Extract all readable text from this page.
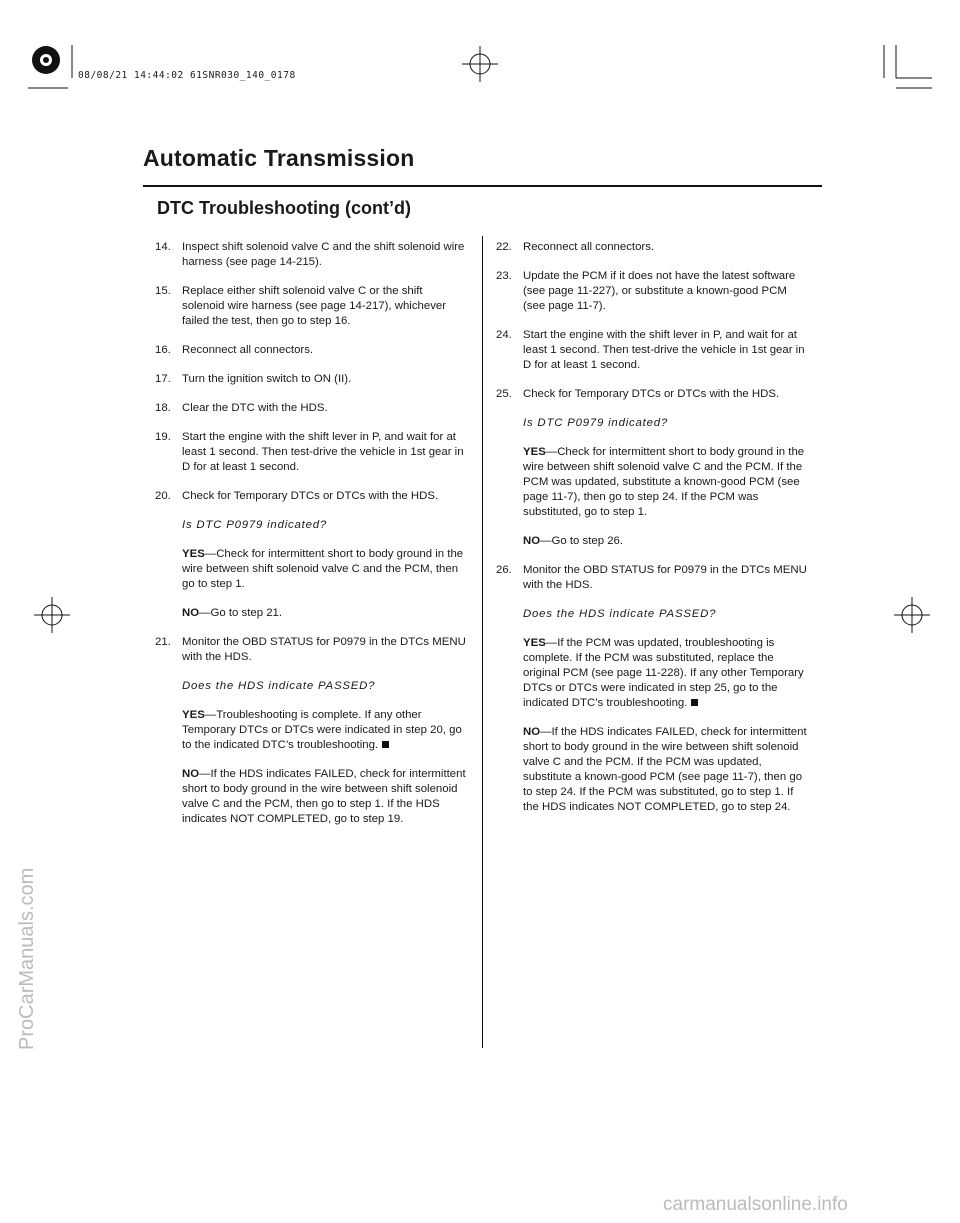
08/08/21 14:44:02 61SNR030_140_0178
Automatic Transmission
DTC Troubleshooting (cont’d)
14. Inspect shift solenoid valve C and the shift solenoid wire harness (see page 14-215).
15. Replace either shift solenoid valve C or the shift solenoid wire harness (see page 14-217), whichever failed the test, then go to step 16.
16. Reconnect all connectors.
17. Turn the ignition switch to ON (II).
18. Clear the DTC with the HDS.
19. Start the engine with the shift lever in P, and wait for at least 1 second. Then test-drive the vehicle in 1st gear in D for at least 1 second.
20. Check for Temporary DTCs or DTCs with the HDS.
Is DTC P0979 indicated?

YES—Check for intermittent short to body ground in the wire between shift solenoid valve C and the PCM, then go to step 1.

NO—Go to step 21.

21. Monitor the OBD STATUS for P0979 in the DTCs MENU with the HDS.
Does the HDS indicate PASSED?

YES—Troubleshooting is complete. If any other Temporary DTCs or DTCs were indicated in step 20, go to the indicated DTC’s troubleshooting.

NO—If the HDS indicates FAILED, check for intermittent short to body ground in the wire between shift solenoid valve C and the PCM, then go to step 1. If the HDS indicates NOT COMPLETED, go to step 19.

22. Reconnect all connectors.
23. Update the PCM if it does not have the latest software (see page 11-227), or substitute a known-good PCM (see page 11-7).
24. Start the engine with the shift lever in P, and wait for at least 1 second. Then test-drive the vehicle in 1st gear in D for at least 1 second.
25. Check for Temporary DTCs or DTCs with the HDS.
Is DTC P0979 indicated?

YES—Check for intermittent short to body ground in the wire between shift solenoid valve C and the PCM. If the PCM was updated, substitute a known-good PCM (see page 11-7), then go to step 24. If the PCM was substituted, go to step 1.

NO—Go to step 26.

26. Monitor the OBD STATUS for P0979 in the DTCs MENU with the HDS.
Does the HDS indicate PASSED?

YES—If the PCM was updated, troubleshooting is complete. If the PCM was substituted, replace the original PCM (see page 11-228). If any other Temporary DTCs or DTCs were indicated in step 25, go to the indicated DTC’s troubleshooting.

NO—If the HDS indicates FAILED, check for intermittent short to body ground in the wire between shift solenoid valve C and the PCM. If the PCM was updated, substitute a known-good PCM (see page 11-7), then go to step 24. If the PCM was substituted, go to step 1. If the HDS indicates NOT COMPLETED, go to step 24.

ProCarManuals.com
carmanualsonline.info
